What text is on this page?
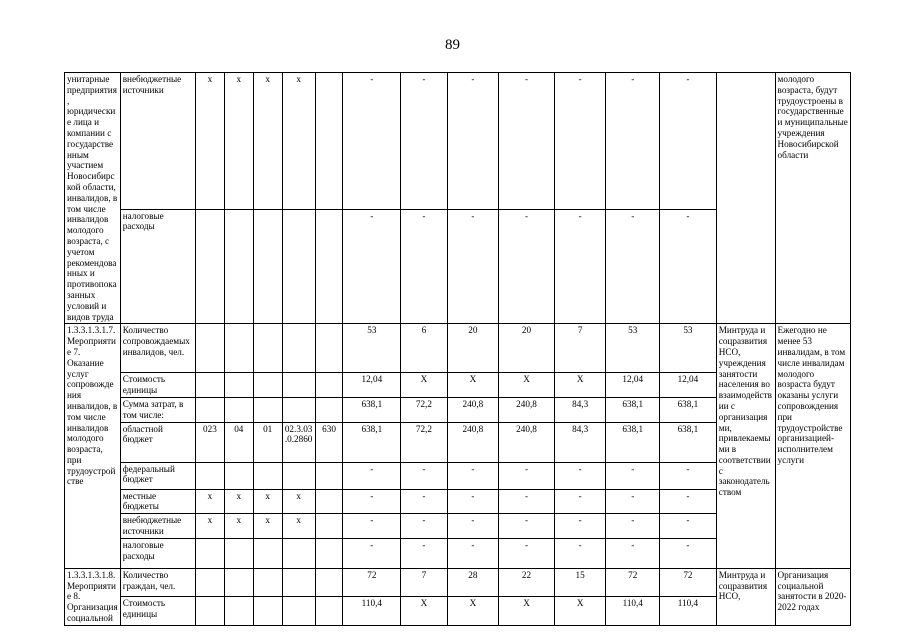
89
унитарные предприятия, юридические лица и компании с государственным участием Новосибирской области, инвалидов, в том числе инвалидов молодого возраста, с учетом рекомендованных и противопоказанных условий и видов труда	внебюджетные источники	x	x	x	x		-	-	-	-	-	-	-		молодого возраста, будут трудоустроены в государственные и муниципальные учреждения Новосибирской области
	налоговые расходы						-	-	-	-	-	-	-		
1.3.3.1.3.1.7. Мероприятие 7. Оказание услуг сопровождения инвалидов, в том числе инвалидов молодого возраста, при трудоустройстве	Количество сопровождаемых инвалидов, чел.						53	6	20	20	7	53	53	Минтруда и соцразвития НСО, учреждения занятости населения во взаимодействии с организациями, привлекаемыми в соответствии с законодательством	Ежегодно не менее 53 инвалидам, в том числе инвалидам молодого возраста будут оказаны услуги сопровождения при трудоустройстве организацией-исполнителем услуги
	Стоимость единицы						12,04	Х	Х	Х	Х	12,04	12,04		
	Сумма затрат, в том числе:						638,1	72,2	240,8	240,8	84,3	638,1	638,1		
	областной бюджет	023	04	01	02.3.03.0.2860	630	638,1	72,2	240,8	240,8	84,3	638,1	638,1		
	федеральный бюджет						-	-	-	-	-	-	-		
	местные бюджеты	x	x	x	x		-	-	-	-	-	-	-		
	внебюджетные источники	x	x	x	x		-	-	-	-	-	-	-		
	налоговые расходы						-	-	-	-	-	-	-		
1.3.3.1.3.1.8. Мероприятие 8. Организация социальной	Количество граждан, чел.						72	7	28	22	15	72	72	Минтруда и соцразвития НСО,	Организация социальной занятости в 2020-2022 годах
	Стоимость единицы						110,4	Х	Х	Х	Х	110,4	110,4		
